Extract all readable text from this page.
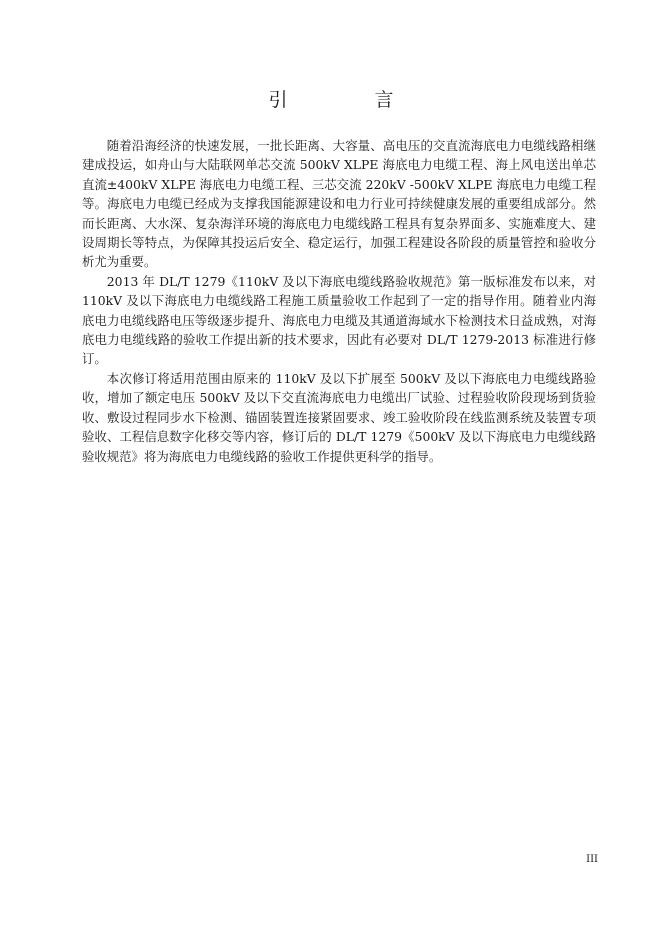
引　言

随着沿海经济的快速发展，一批长距离、大容量、高电压的交直流海底电力电缆线路相继建成投运，如舟山与大陆联网单芯交流 500kV XLPE 海底电力电缆工程、海上风电送出单芯直流±400kV XLPE 海底电力电缆工程、三芯交流 220kV -500kV XLPE 海底电力电缆工程等。海底电力电缆已经成为支撑我国能源建设和电力行业可持续健康发展的重要组成部分。然而长距离、大水深、复杂海洋环境的海底电力电缆线路工程具有复杂界面多、实施难度大、建设周期长等特点，为保障其投运后安全、稳定运行，加强工程建设各阶段的质量管控和验收分析尤为重要。

2013 年 DL/T 1279《110kV 及以下海底电缆线路验收规范》第一版标准发布以来，对 110kV 及以下海底电力电缆线路工程施工质量验收工作起到了一定的指导作用。随着业内海底电力电缆线路电压等级逐步提升、海底电力电缆及其通道海域水下检测技术日益成熟，对海底电力电缆线路的验收工作提出新的技术要求，因此有必要对 DL/T 1279-2013 标准进行修订。

本次修订将适用范围由原来的 110kV 及以下扩展至 500kV 及以下海底电力电缆线路验收，增加了额定电压 500kV 及以下交直流海底电力电缆出厂试验、过程验收阶段现场到货验收、敷设过程同步水下检测、锚固装置连接紧固要求、竣工验收阶段在线监测系统及装置专项验收、工程信息数字化移交等内容，修订后的 DL/T 1279《500kV 及以下海底电力电缆线路验收规范》将为海底电力电缆线路的验收工作提供更科学的指导。

III
